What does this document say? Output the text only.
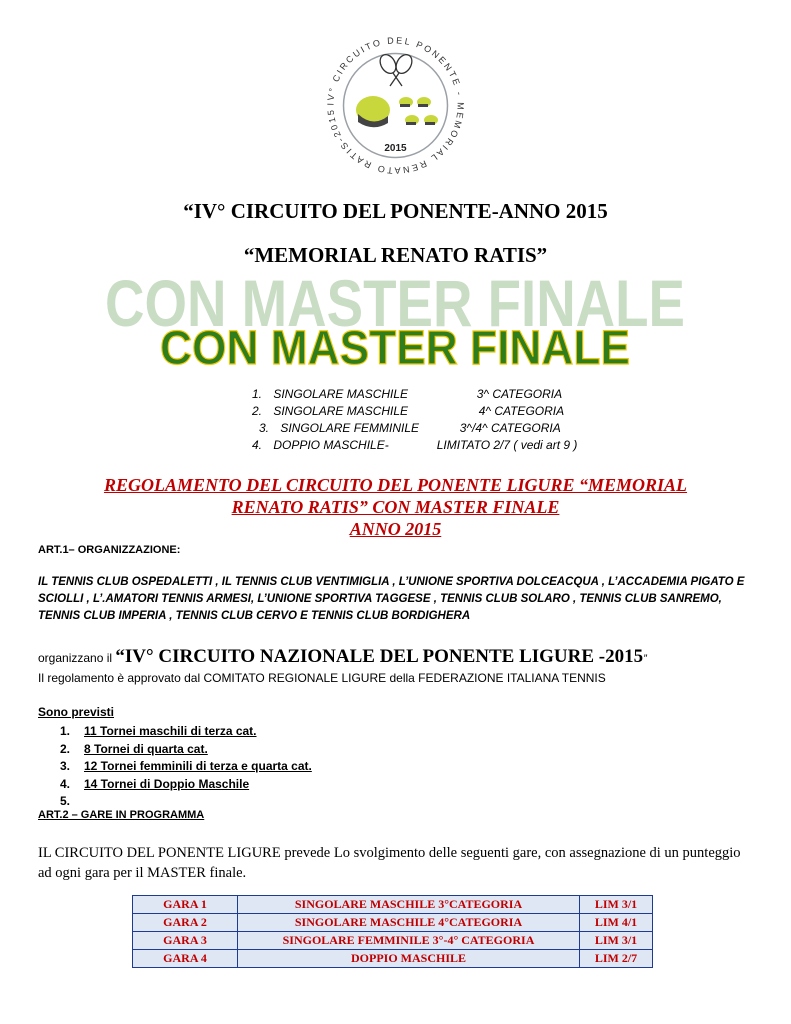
IV° CIRCUITO DEL PONENTE - MEMORIAL RENATO RATIS-2015
2015
“IV° CIRCUITO DEL PONENTE-ANNO 2015
“MEMORIAL RENATO RATIS”
CON MASTER FINALE
CON MASTER FINALE
1. SINGOLARE MASCHILE	3^ CATEGORIA
2. SINGOLARE MASCHILE	4^ CATEGORIA
3. SINGOLARE FEMMINILE	3^/4^ CATEGORIA
4. DOPPIO MASCHILE-	LIMITATO 2/7 ( vedi art 9 )
REGOLAMENTO DEL CIRCUITO DEL PONENTE LIGURE “MEMORIAL
RENATO RATIS” CON MASTER FINALE
ANNO 2015
ART.1– ORGANIZZAZIONE:
IL TENNIS CLUB OSPEDALETTI , IL TENNIS CLUB VENTIMIGLIA , L’UNIONE SPORTIVA DOLCEACQUA , L’ACCADEMIA PIGATO E SCIOLLI , L’.AMATORI TENNIS ARMESI, L’UNIONE SPORTIVA TAGGESE , TENNIS CLUB SOLARO , TENNIS CLUB SANREMO, TENNIS CLUB IMPERIA , TENNIS CLUB CERVO E TENNIS CLUB BORDIGHERA
organizzano il “IV° CIRCUITO NAZIONALE DEL PONENTE LIGURE -2015”
Il regolamento è approvato dal COMITATO REGIONALE LIGURE della FEDERAZIONE ITALIANA TENNIS
Sono previsti
1. 11 Tornei maschili di terza cat.
2. 8 Tornei di quarta cat.
3. 12 Tornei femminili di terza e quarta cat.
4. 14 Tornei di Doppio Maschile
5.
ART.2 – GARE IN PROGRAMMA
IL CIRCUITO DEL PONENTE LIGURE prevede Lo svolgimento delle seguenti gare, con assegnazione di un punteggio ad ogni gara per il MASTER finale.
GARA 1	SINGOLARE MASCHILE 3°CATEGORIA	LIM 3/1
GARA 2	SINGOLARE MASCHILE 4°CATEGORIA	LIM 4/1
GARA 3	SINGOLARE FEMMINILE 3°-4° CATEGORIA	LIM 3/1
GARA 4	DOPPIO MASCHILE	LIM 2/7
